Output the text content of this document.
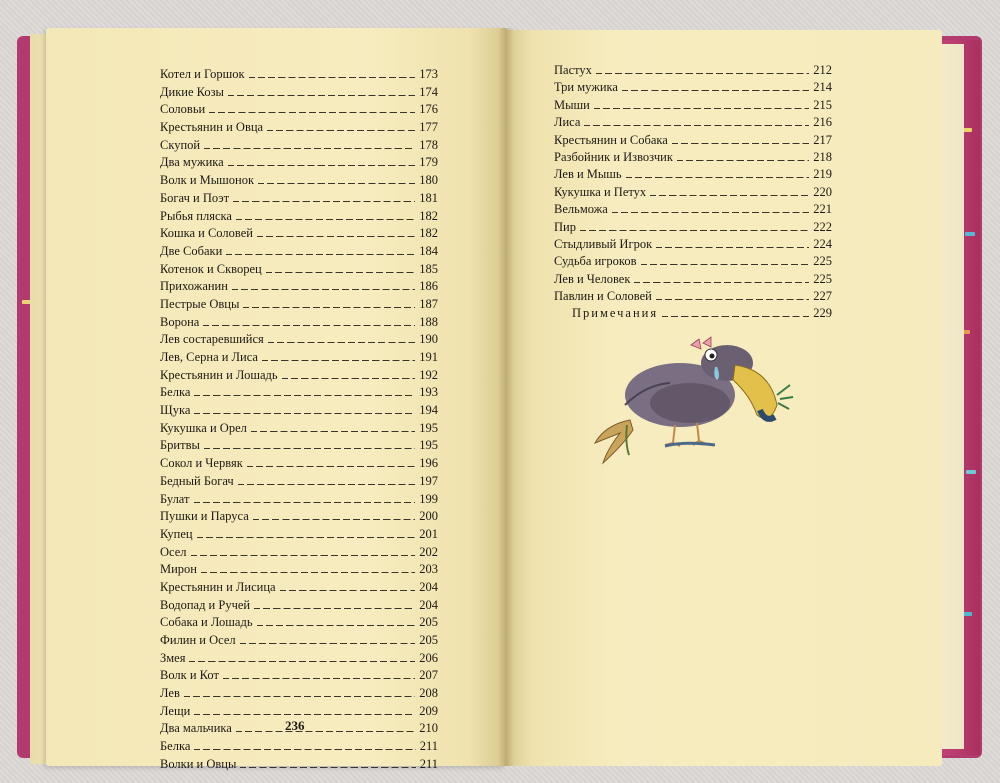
Котел и Горшок	173
Дикие Козы	174
Соловьи	176
Крестьянин и Овца	177
Скупой	178
Два мужика	179
Волк и Мышонок	180
Богач и Поэт	181
Рыбья пляска	182
Кошка и Соловей	182
Две Собаки	184
Котенок и Скворец	185
Прихожанин	186
Пестрые Овцы	187
Ворона	188
Лев состаревшийся	190
Лев, Серна и Лиса	191
Крестьянин и Лошадь	192
Белка	193
Щука	194
Кукушка и Орел	195
Бритвы	195
Сокол и Червяк	196
Бедный Богач	197
Булат	199
Пушки и Паруса	200
Купец	201
Осел	202
Мирон	203
Крестьянин и Лисица	204
Водопад и Ручей	204
Собака и Лошадь	205
Филин и Осел	205
Змея	206
Волк и Кот	207
Лев	208
Лещи	209
Два мальчика	210
Белка	211
Волки и Овцы	211
Пастух	212
Три мужика	214
Мыши	215
Лиса	216
Крестьянин и Собака	217
Разбойник и Извозчик	218
Лев и Мышь	219
Кукушка и Петух	220
Вельможа	221
Пир	222
Стыдливый Игрок	224
Судьба игроков	225
Лев и Человек	225
Павлин и Соловей	227
Примечания	229
236
